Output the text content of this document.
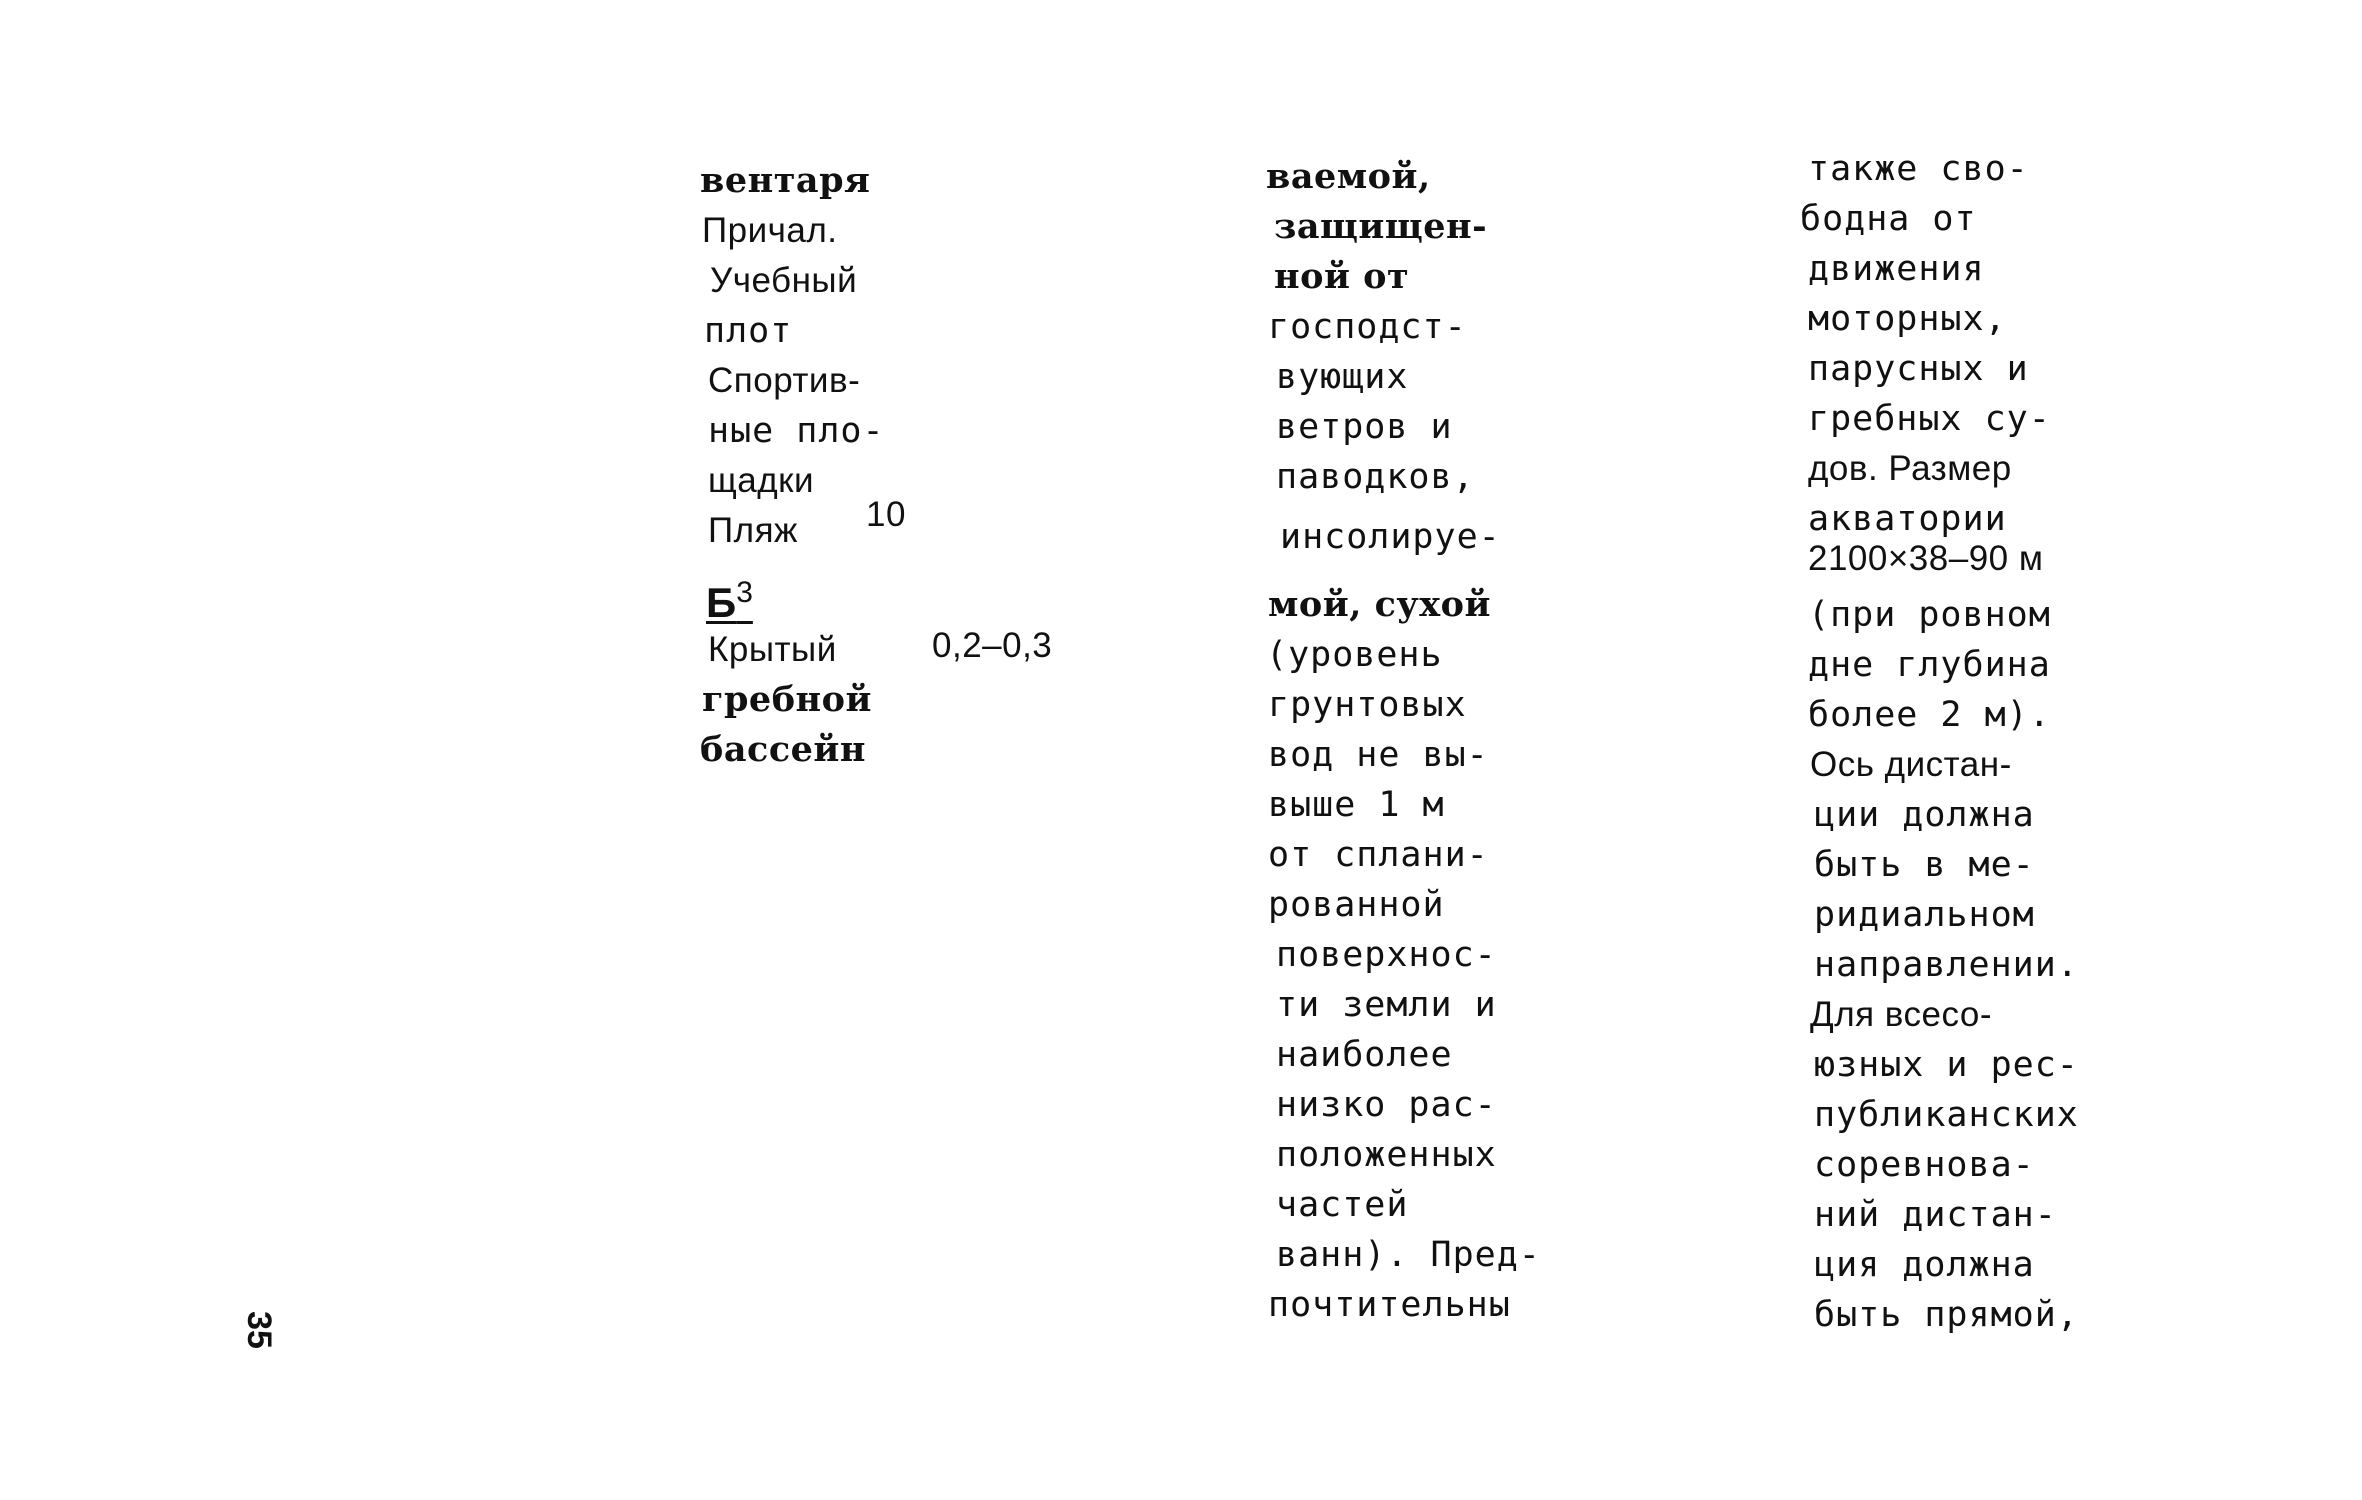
вентаря
Причал.
Учебный
плот
Спортив-
ные пло-
щадки
Пляж 10
$Б^3$
Крытый
гребной
бассейн
0,2–0,3
ваемой,
защищен-
ной от
господст-
вующих
ветров и
паводков,
инсолируе-
мой, сухой
(уровень
грунтовых
вод не вы-
выше 1 м
от сплани-
рованной
поверхнос-
ти земли и
наиболее
низко рас-
положенных
частей
ванн). Пред-
почтительны
также сво-
бодна от
движения
моторных,
парусных и
гребных су-
дов. Размер
акватории
2100×38–90 м
(при ровном
дне глубина
более 2 м).
Ось дистан-
ции должна
быть в ме-
ридиальном
направлении.
Для всесо-
юзных и рес-
публиканских
соревнова-
ний дистан-
ция должна
быть прямой,
35
